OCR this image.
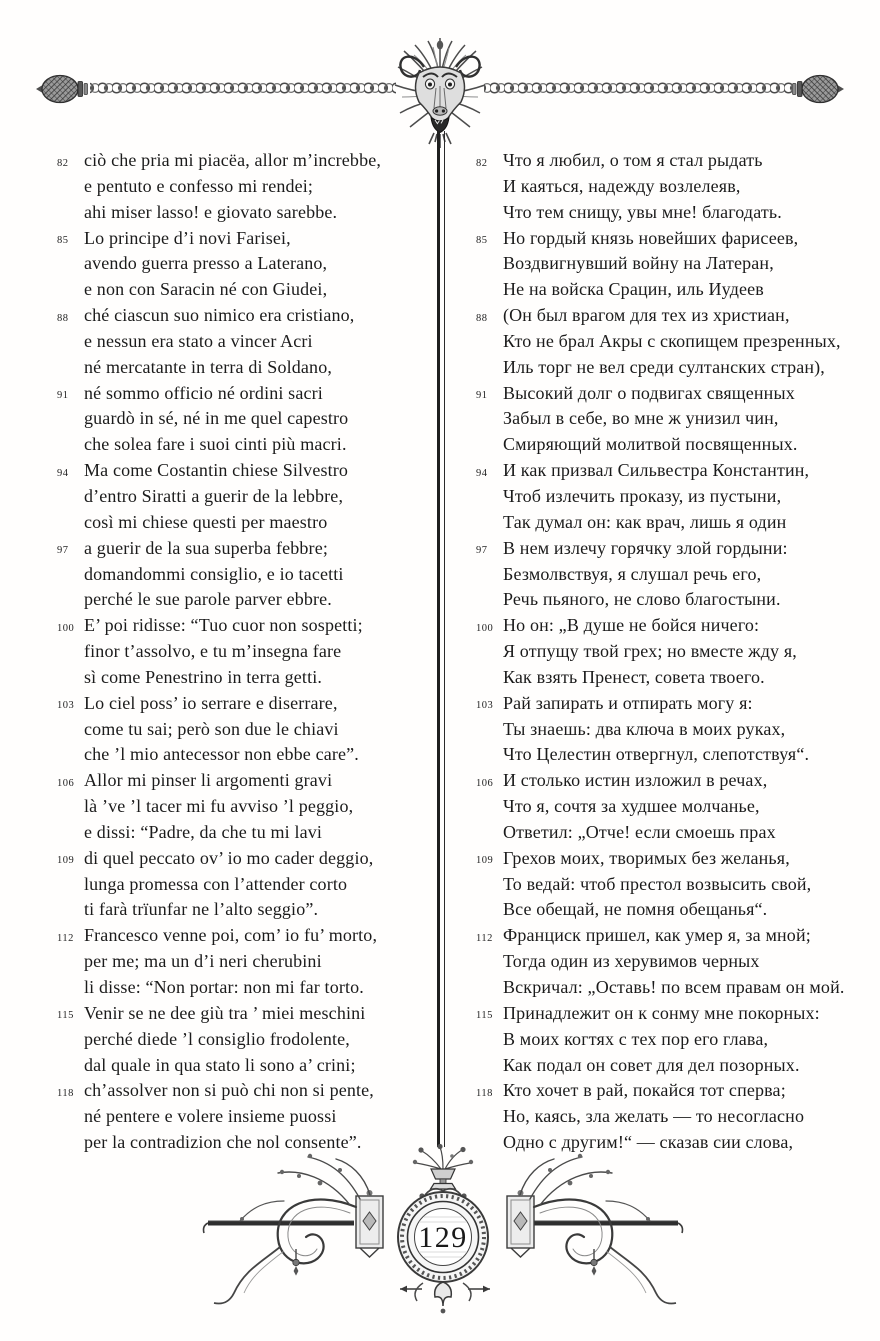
82 ciò che pria mi piacëa, allor m’increbbe,
e pentuto e confesso mi rendei;
ahi miser lasso! e giovato sarebbe.
85 Lo principe d’i novi Farisei,
avendo guerra presso a Laterano,
e non con Saracin né con Giudei,
88 ché ciascun suo nimico era cristiano,
e nessun era stato a vincer Acri
né mercatante in terra di Soldano,
91 né sommo officio né ordini sacri
guardò in sé, né in me quel capestro
che solea fare i suoi cinti più macri.
94 Ma come Costantin chiese Silvestro
d’entro Siratti a guerir de la lebbre,
così mi chiese questi per maestro
97 a guerir de la sua superba febbre;
domandommi consiglio, e io tacetti
perché le sue parole parver ebbre.
100 E’ poi ridisse: “Tuo cuor non sospetti;
finor t’assolvo, e tu m’insegna fare
sì come Penestrino in terra getti.
103 Lo ciel poss’ io serrare e diserrare,
come tu sai; però son due le chiavi
che ’l mio antecessor non ebbe care”.
106 Allor mi pinser li argomenti gravi
là ’ve ’l tacer mi fu avviso ’l peggio,
e dissi: “Padre, da che tu mi lavi
109 di quel peccato ov’ io mo cader deggio,
lunga promessa con l’attender corto
ti farà trïunfar ne l’alto seggio”.
112 Francesco venne poi, com’ io fu’ morto,
per me; ma un d’i neri cherubini
li disse: “Non portar: non mi far torto.
115 Venir se ne dee giù tra ’ miei meschini
perché diede ’l consiglio frodolente,
dal quale in qua stato li sono a’ crini;
118 ch’assolver non si può chi non si pente,
né pentere e volere insieme puossi
per la contradizion che nol consente”.
82 Что я любил, о том я стал рыдать
И каяться, надежду возлелеяв,
Что тем снищу, увы мне! благодать.
85 Но гордый князь новейших фарисеев,
Воздвигнувший войну на Латеран,
Не на войска Срацин, иль Иудеев
88 (Он был врагом для тех из христиан,
Кто не брал Акры с скопищем презренных,
Иль торг не вел среди султанских стран),
91 Высокий долг о подвигах священных
Забыл в себе, во мне ж унизил чин,
Смиряющий молитвой посвященных.
94 И как призвал Сильвестра Константин,
Чтоб излечить проказу, из пустыни,
Так думал он: как врач, лишь я один
97 В нем излечу горячку злой гордыни:
Безмолвствуя, я слушал речь его,
Речь пьяного, не слово благостыни.
100 Но он: „В душе не бойся ничего:
Я отпущу твой грех; но вместе жду я,
Как взять Пренест, совета твоего.
103 Рай запирать и отпирать могу я:
Ты знаешь: два ключа в моих руках,
Что Целестин отвергнул, слепотствуя“.
106 И столько истин изложил в речах,
Что я, сочтя за худшее молчанье,
Ответил: „Отче! если смоешь прах
109 Грехов моих, творимых без желанья,
То ведай: чтоб престол возвысить свой,
Все обещай, не помня обещанья“.
112 Франциск пришел, как умер я, за мной;
Тогда один из херувимов черных
Вскричал: „Оставь! по всем правам он мой.
115 Принадлежит он к сонму мне покорных:
В моих когтях с тех пор его глава,
Как подал он совет для дел позорных.
118 Кто хочет в рай, покайся тот сперва;
Но, каясь, зла желать — то несогласно
Одно с другим!“ — сказав сии слова,
129
